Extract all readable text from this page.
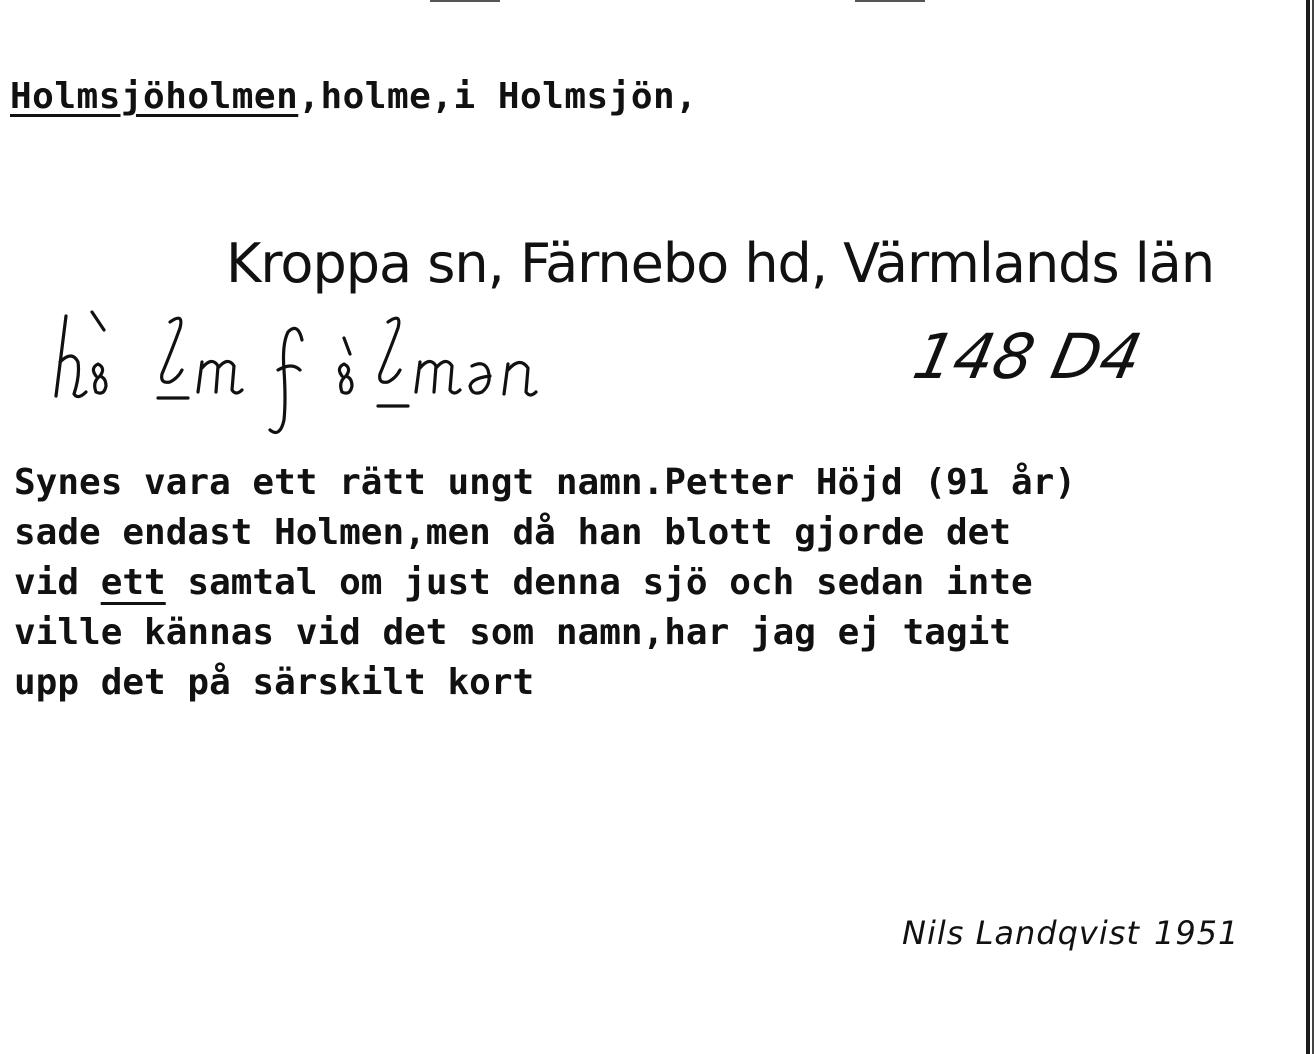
Holmsjöholmen,holme,i Holmsjön,
Kroppa sn, Färnebo hd, Värmlands län
148 D4
Synes vara ett rätt ungt namn.Petter Höjd (91 år)
sade endast Holmen,men då han blott gjorde det
vid ett samtal om just denna sjö och sedan inte
ville kännas vid det som namn,har jag ej tagit
upp det på särskilt kort
Nils Landqvist 1951
